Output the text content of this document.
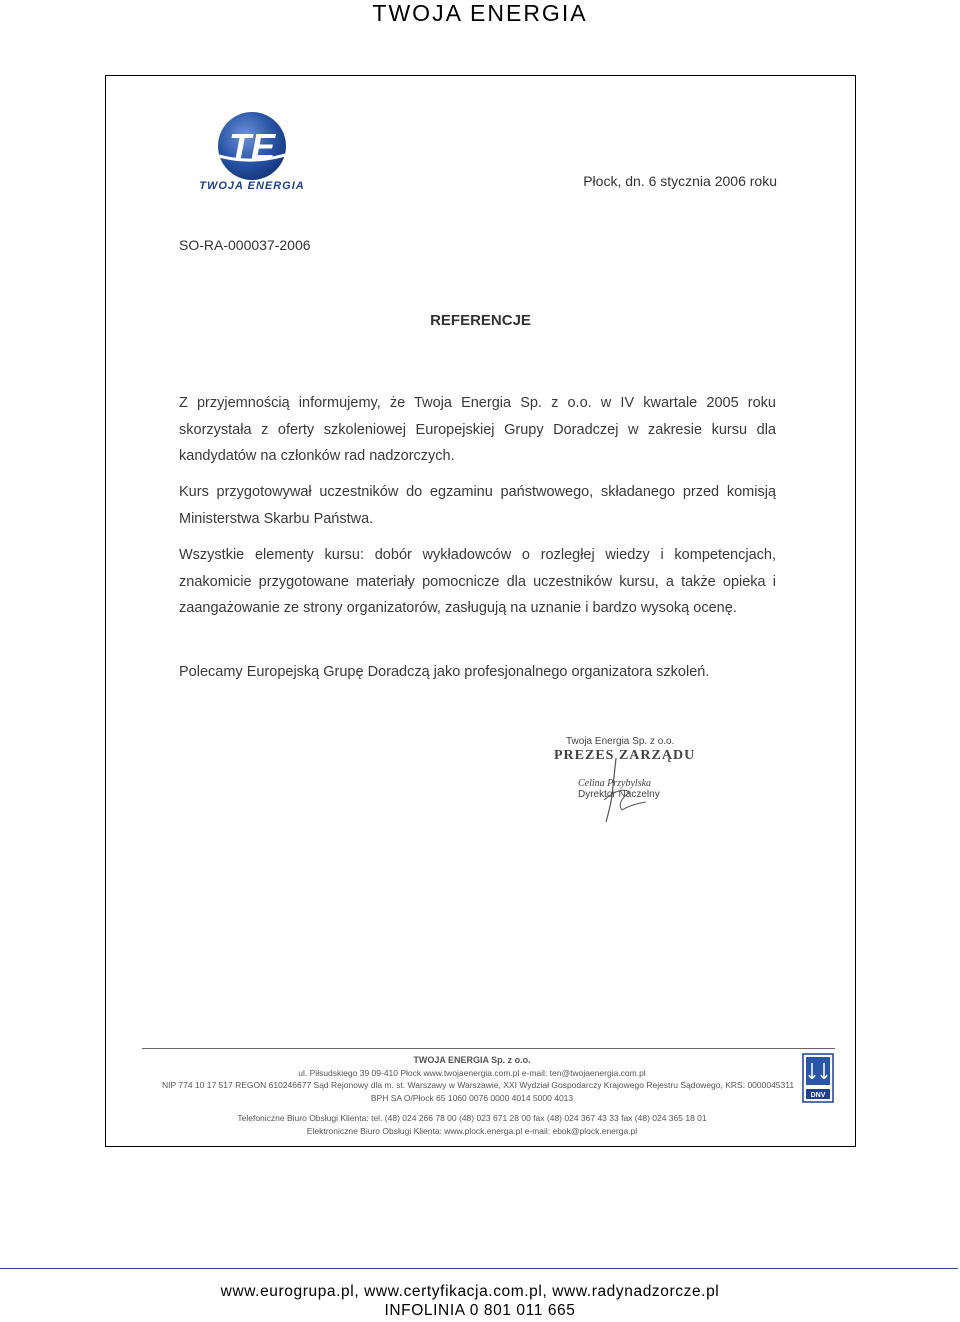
TWOJA ENERGIA
TE
TWOJA ENERGIA	Płock, dn. 6 stycznia 2006 roku
SO-RA-000037-2006
REFERENCJE
Z przyjemnością informujemy, że Twoja Energia Sp. z o.o. w IV kwartale 2005 roku skorzystała z oferty szkoleniowej Europejskiej Grupy Doradczej w zakresie kursu dla kandydatów na członków rad nadzorczych.
Kurs przygotowywał uczestników do egzaminu państwowego, składanego przed komisją Ministerstwa Skarbu Państwa.
Wszystkie elementy kursu: dobór wykładowców o rozległej wiedzy i kompetencjach, znakomicie przygotowane materiały pomocnicze dla uczestników kursu, a także opieka i zaangażowanie ze strony organizatorów, zasługują na uznanie i bardzo wysoką ocenę.
Polecamy Europejską Grupę Doradczą jako profesjonalnego organizatora szkoleń.
Twoja Energia Sp. z o.o.
PREZES ZARZĄDU
Celina Przybylska
Dyrektor Naczelny
TWOJA ENERGIA Sp. z o.o.
ul. Piłsudskiego 39 09-410 Płock www.twojaenergia.com.pl e-mail: ten@twojaenergia.com.pl
NIP 774 10 17 517 REGON 610246677 Sąd Rejonowy dla m. st. Warszawy w Warszawie, XXI Wydział Gospodarczy Krajowego Rejestru Sądowego, KRS: 0000045311
BPH SA O/Płock 65 1060 0076 0000 4014 5000 4013
Telefoniczne Biuro Obsługi Klienta: tel. (48) 024 266 78 00 (48) 023 671 28 00 fax (48) 024 367 43 33 fax (48) 024 365 18 01
Elektroniczne Biuro Obsługi Klienta: www.plock.energa.pl e-mail: ebok@plock.energa.pl
DNV
www.eurogrupa.pl, www.certyfikacja.com.pl, www.radynadzorcze.pl
INFOLINIA 0 801 011 665
